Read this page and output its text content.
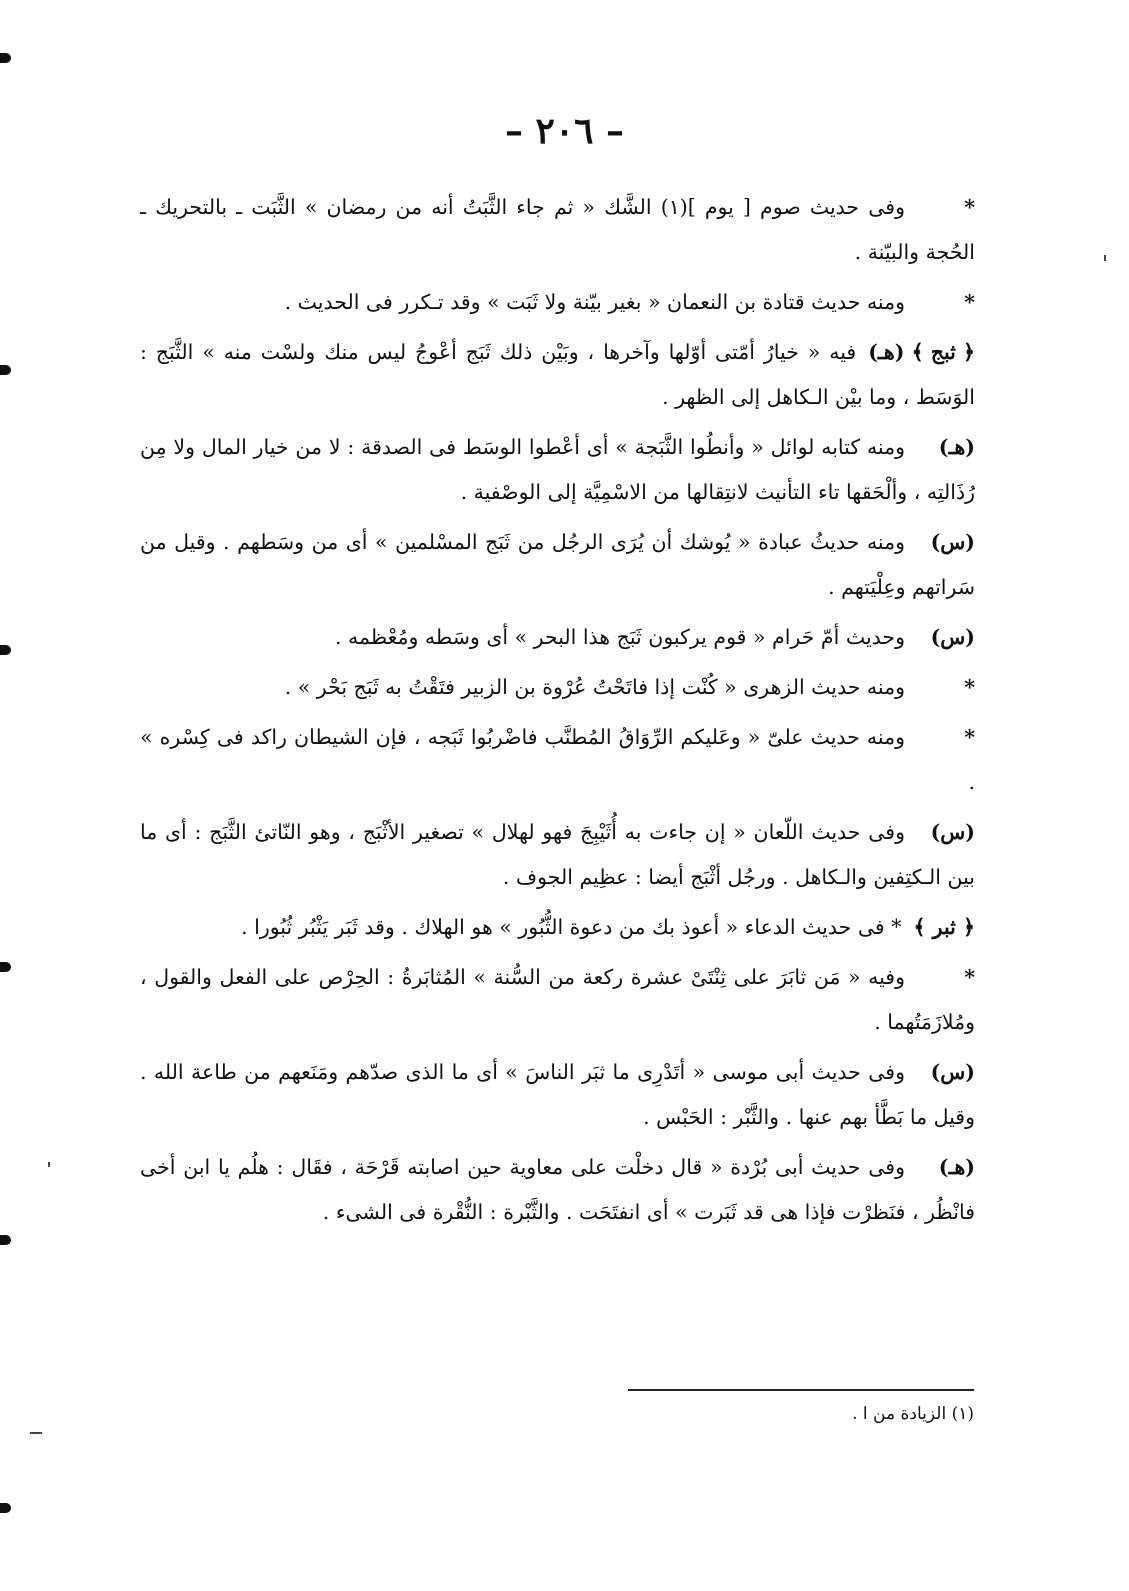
– ٢٠٦ –

*وفى حديث صوم [ يوم ](١) الشَّك « ثم جاء الثَّبَتُ أنه من رمضان » الثَّبَت ـ بالتحريك ـ الحُجة والبيّنة .

*ومنه حديث قتادة بن النعمان « بغير بيّنة ولا ثَبَت » وقد تـكرر فى الحديث .

﴿ ثبج ﴾ (هـ)فيه « خيارُ أمّتى أوّلها وآخرها ، وبَيْن ذلك ثَبَج أعْوجُ ليس منك ولسْت منه » الثَّبَج : الوَسَط ، وما بيْن الـكاهل إلى الظهر .

(هـ)ومنه كتابه لوائل « وأنطُوا الثَّبَجة » أى أعْطوا الوسَط فى الصدقة : لا من خيار المال ولا مِن رُذَالتِه ، وألْحَقها تاء التأنيث لانتِقالها من الاسْمِيَّة إلى الوصْفية .

(س)ومنه حديثُ عبادة « يُوشك أن يُرَى الرجُل من ثَبَج المسْلمين » أى من وسَطهم . وقيل من سَراتهم وعِلْيَتهم .

(س)وحديث أمّ حَرام « قوم يركبون ثَبَج هذا البحر » أى وسَطه ومُعْظمه .

*ومنه حديث الزهرى « كُنْت إذا فاتَحْتُ عُرْوة بن الزبير فتَقْتُ به ثَبَج بَحْر » .

*ومنه حديث علىّ « وعَليكم الرِّوَاقُ المُطنَّب فاضْربُوا ثَبَجه ، فإن الشيطان راكد فى كِسْره » .

(س)وفى حديث اللّعان « إن جاءت به أُثَيْبِجَ فهو لهلال » تصغير الأثْبَج ، وهو النّاتئ الثَّبَج : أى ما بين الـكتِفين والـكاهل . ورجُل أثْبَج أيضا : عظِيم الجوف .

﴿ ثبر ﴾* فى حديث الدعاء « أعوذ بك من دعوة الثُّبُور » هو الهلاك . وقد ثَبَر يَثْبُر ثُبُورا .

*وفيه « مَن ثابَرَ على ثِنْتَىْ عشرة ركعة من السُّنة » المُثابَرةُ : الحِرْص على الفعل والقول ، ومُلازَمَتُهما .

(س)وفى حديث أبى موسى « أتَدْرِى ما ثبَر الناسَ » أى ما الذى صدّهم ومَنَعهم من طاعة الله . وقيل ما بَطَّأ بهم عنها . والثَّبْر : الحَبْس .

(هـ)وفى حديث أبى بُرْدة « قال دخلْت على معاوية حين اصابته قَرْحَة ، فقَال : هلُم يا ابن أخى فانْظُر ، فنَظرْت فإذا هى قد ثَبَرت » أى انفتَحَت . والثَّبْرة : النُّقْرة فى الشىء .

(١) الزيادة من ا .
